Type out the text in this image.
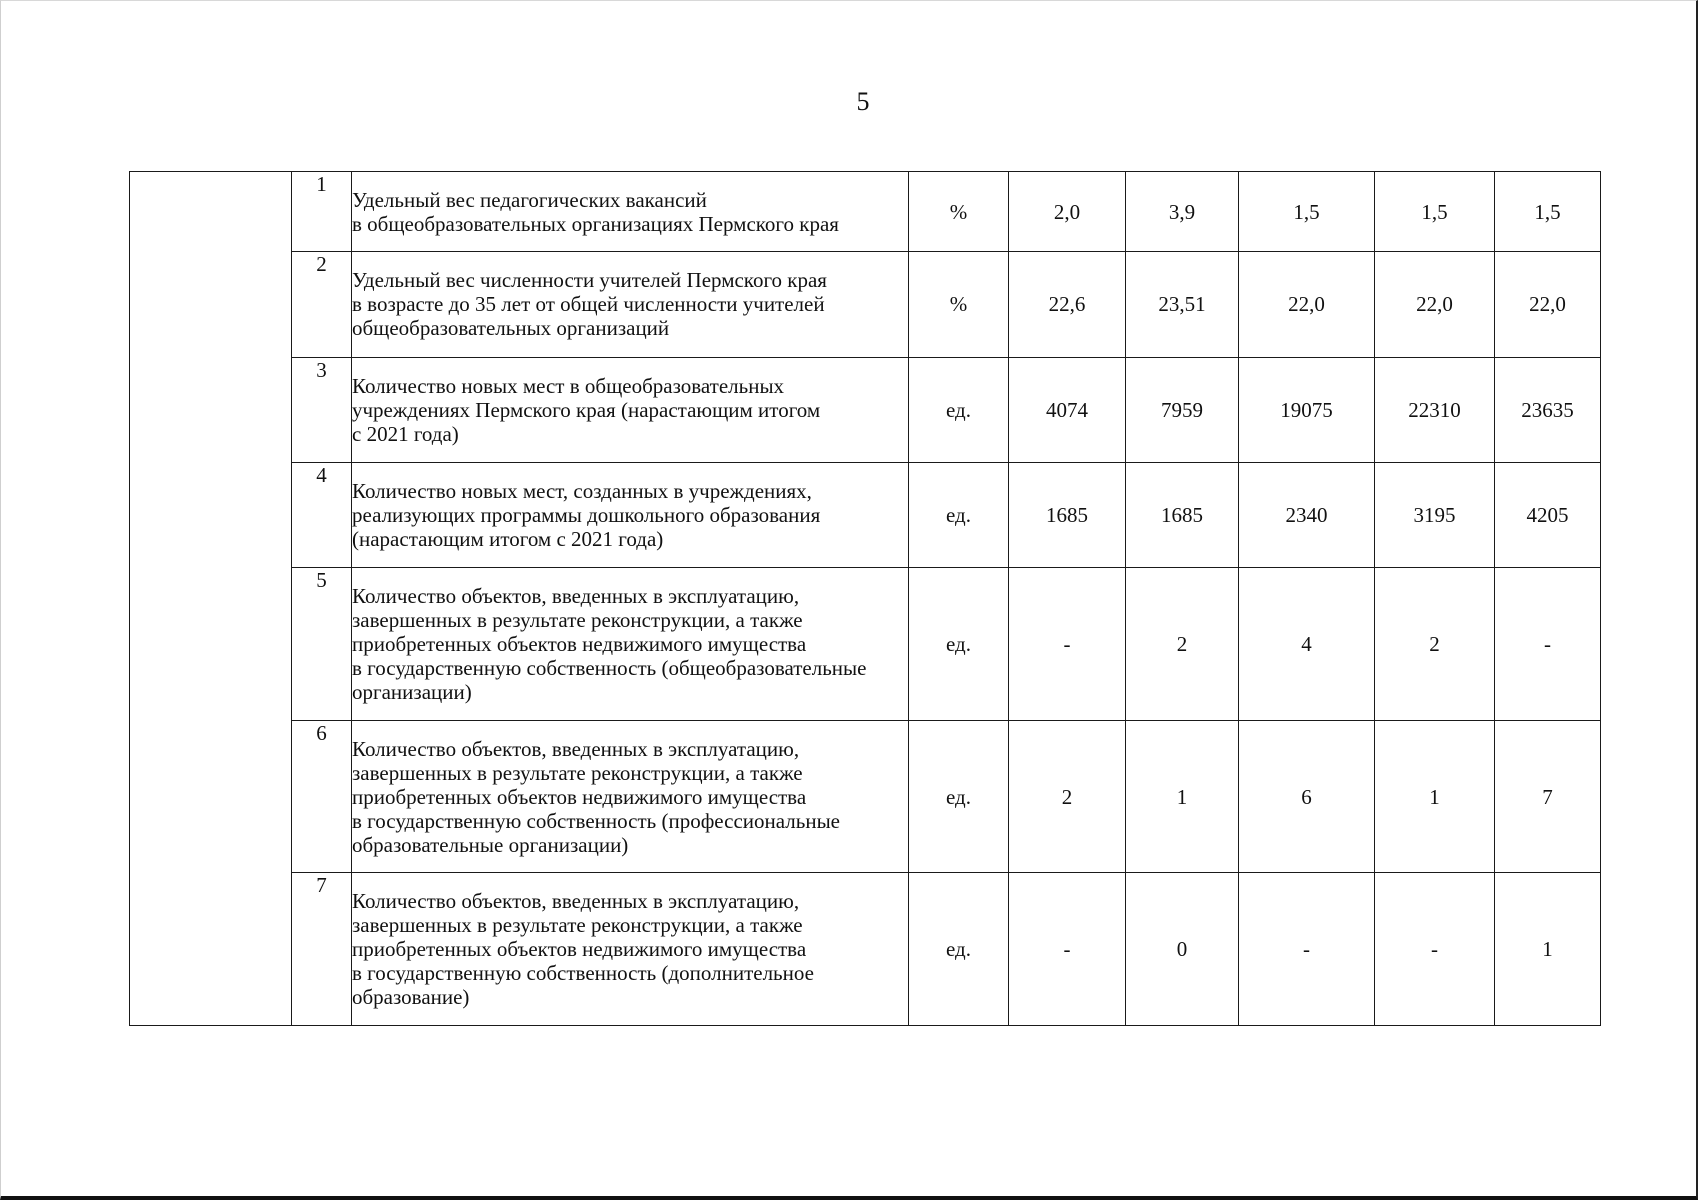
5
	1	Удельный вес педагогических вакансий
в общеобразовательных организациях Пермского края	%	2,0	3,9	1,5	1,5	1,5
	2	Удельный вес численности учителей Пермского края
в возрасте до 35 лет от общей численности учителей
общеобразовательных организаций	%	22,6	23,51	22,0	22,0	22,0
	3	Количество новых мест в общеобразовательных
учреждениях Пермского края (нарастающим итогом
с 2021 года)	ед.	4074	7959	19075	22310	23635
	4	Количество новых мест, созданных в учреждениях,
реализующих программы дошкольного образования
(нарастающим итогом с 2021 года)	ед.	1685	1685	2340	3195	4205
	5	Количество объектов, введенных в эксплуатацию,
завершенных в результате реконструкции, а также
приобретенных объектов недвижимого имущества
в государственную собственность (общеобразовательные
организации)	ед.	-	2	4	2	-
	6	Количество объектов, введенных в эксплуатацию,
завершенных в результате реконструкции, а также
приобретенных объектов недвижимого имущества
в государственную собственность (профессиональные
образовательные организации)	ед.	2	1	6	1	7
	7	Количество объектов, введенных в эксплуатацию,
завершенных в результате реконструкции, а также
приобретенных объектов недвижимого имущества
в государственную собственность (дополнительное
образование)	ед.	-	0	-	-	1
